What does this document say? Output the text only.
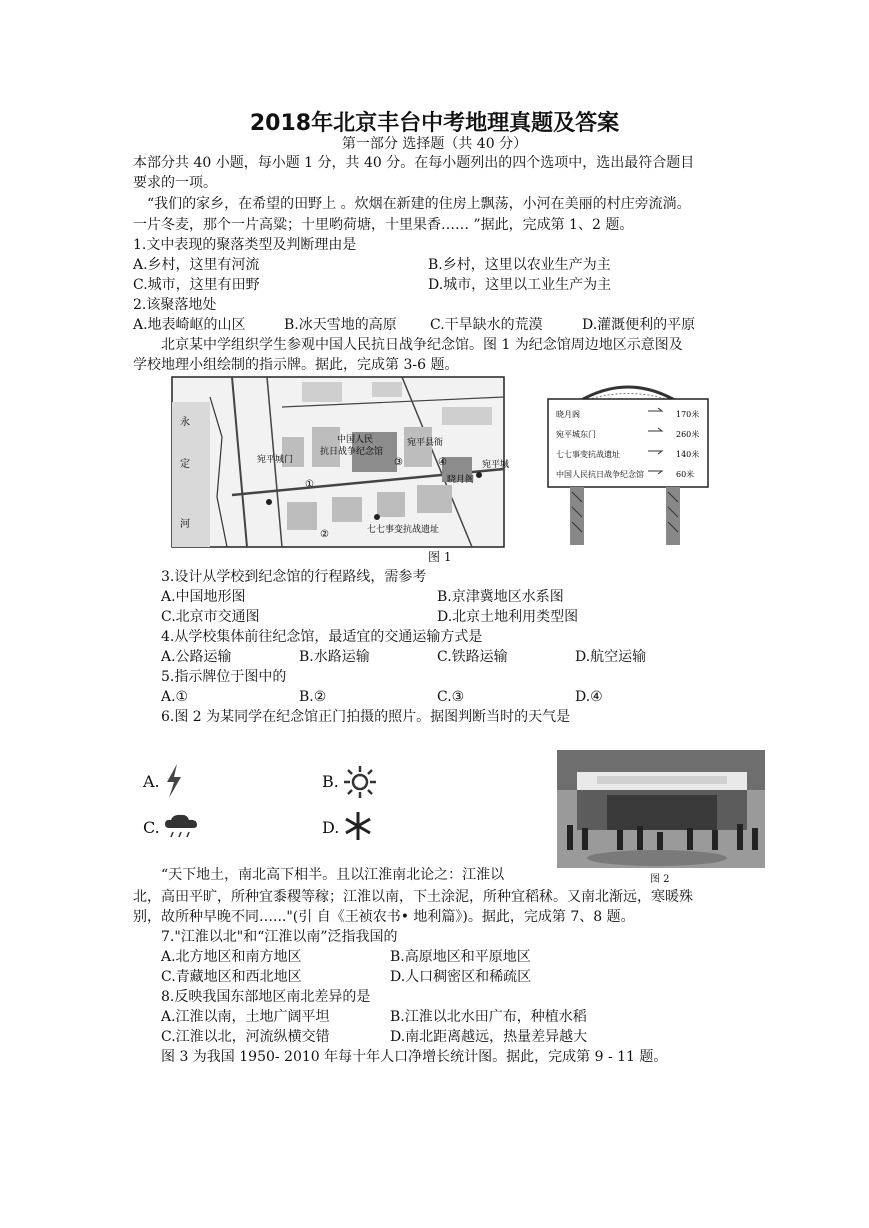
2018年北京丰台中考地理真题及答案
第一部分 选择题（共 40 分）
本部分共 40 小题，每小题 1 分，共 40 分。在每小题列出的四个选项中，选出最符合题目
要求的一项。
“我们的家乡，在希望的田野上 。炊烟在新建的住房上飘荡，小河在美丽的村庄旁流淌。
一片冬麦，那个一片高粱；十里哟荷塘，十里果香…… ”据此，完成第 1、2 题。
1.文中表现的聚落类型及判断理由是
A.乡村，这里有河流	B.乡村，这里以农业生产为主
C.城市，这里有田野	D.城市，这里以工业生产为主
2.该聚落地处
A.地表崎岖的山区	B.冰天雪地的高原 C.干旱缺水的荒漠	D.灌溉便利的平原
北京某中学组织学生参观中国人民抗日战争纪念馆。图 1 为纪念馆周边地区示意图及
学校地理小组绘制的指示牌。据此，完成第 3-6 题。
永
定
河
中国人民
抗日战争纪念馆
宛平县衙
晓月阁
七七事变抗战遗址
宛平城门	宛平城
①
②
③	④
晓月阁	170米
宛平城东门	260米
七七事变抗战遗址	140米
中国人民抗日战争纪念馆	60米
图 1
3.设计从学校到纪念馆的行程路线，需参考
A.中国地形图	B.京津冀地区水系图
C.北京市交通图	D.北京土地利用类型图
4.从学校集体前往纪念馆，最适宜的交通运输方式是
A.公路运输	B.水路运输	C.铁路运输	D.航空运输
5.指示牌位于图中的
A.①	B.②	C.③	D.④
6.图 2 为某同学在纪念馆正门拍摄的照片。据图判断当时的天气是
A.	B.
C.	D.
图 2
“天下地土，南北高下相半。且以江淮南北论之：江淮以
北，高田平旷，所种宜黍稷等稼；江淮以南，下土涂泥，所种宜稻秫。又南北渐远，寒暖殊
别，故所种早晚不同…..."(引 自《王祯农书• 地利篇》)。据此，完成第 7、8 题。
7."江淮以北"和“江淮以南”泛指我国的
A.北方地区和南方地区	B.高原地区和平原地区
C.青藏地区和西北地区	D.人口稠密区和稀疏区
8.反映我国东部地区南北差异的是
A.江淮以南，土地广阔平坦	B.江淮以北水田广布，种植水稻
C.江淮以北，河流纵横交错	D.南北距离越远，热量差异越大
图 3 为我国 1950- 2010 年每十年人口净增长统计图。据此，完成第 9 - 11 题。
